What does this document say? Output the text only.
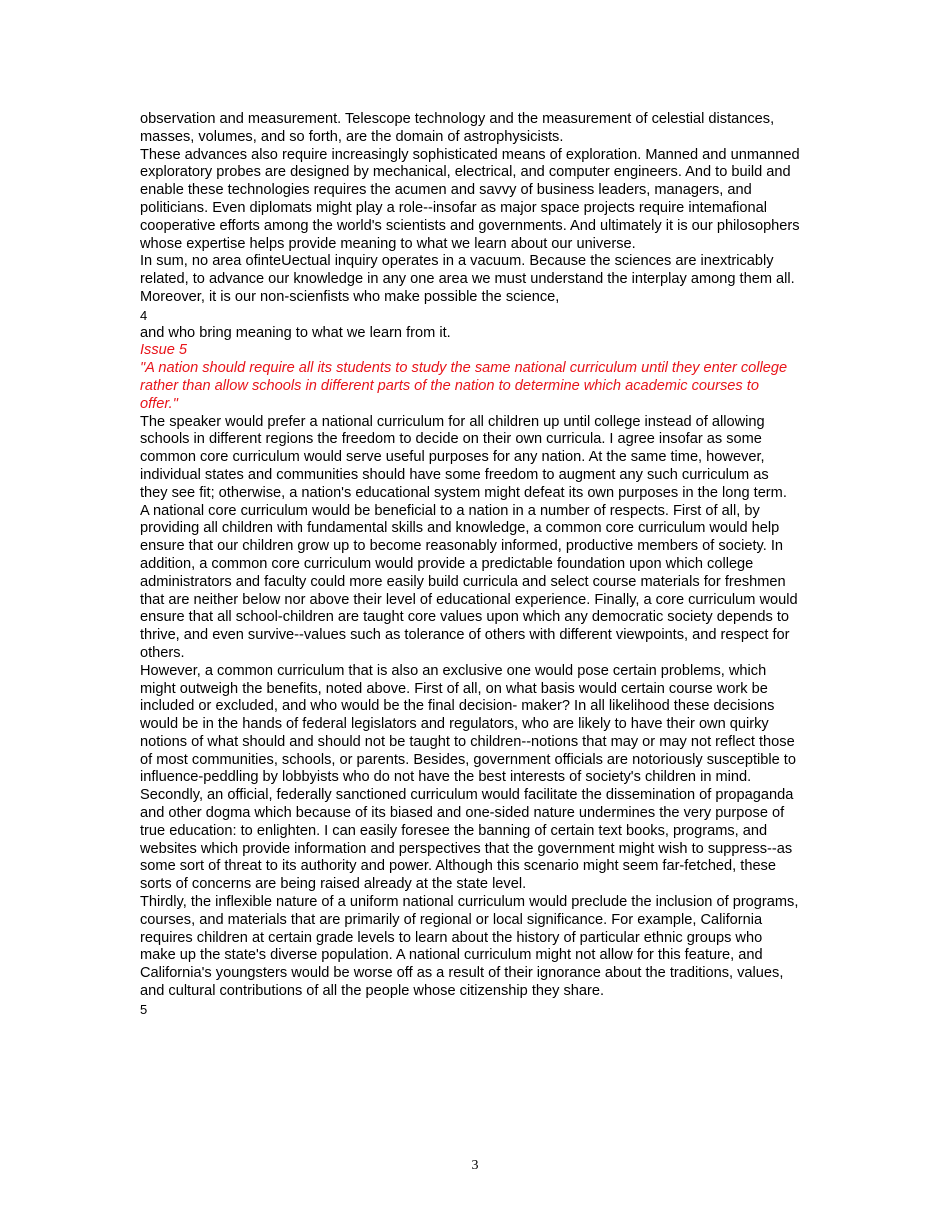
observation and measurement. Telescope technology and the measurement of celestial distances, masses, volumes, and so forth, are the domain of astrophysicists.

These advances also require increasingly sophisticated means of exploration. Manned and unmanned exploratory probes are designed by mechanical, electrical, and computer engineers. And to build and enable these technologies requires the acumen and savvy of business leaders, managers, and politicians. Even diplomats might play a role--insofar as major space projects require intemafional cooperative efforts among the world's scientists and governments. And ultimately it is our philosophers whose expertise helps provide meaning to what we learn about our universe.

In sum, no area ofinteUectual inquiry operates in a vacuum. Because the sciences are inextricably related, to advance our knowledge in any one area we must understand the interplay among them all. Moreover, it is our non-scienfists who make possible the science,

4

and who bring meaning to what we learn from it.

Issue 5

"A nation should require all its students to study the same national curriculum until they enter college rather than allow schools in different parts of the nation to determine which academic courses to offer."

The speaker would prefer a national curriculum for all children up until college instead of allowing schools in different regions the freedom to decide on their own curricula. I agree insofar as some common core curriculum would serve useful purposes for any nation. At the same time, however, individual states and communities should have some freedom to augment any such curriculum as they see fit; otherwise, a nation's educational system might defeat its own purposes in the long term.

A national core curriculum would be beneficial to a nation in a number of respects. First of all, by providing all children with fundamental skills and knowledge, a common core curriculum would help ensure that our children grow up to become reasonably informed, productive members of society. In addition, a common core curriculum would provide a predictable foundation upon which college administrators and faculty could more easily build curricula and select course materials for freshmen that are neither below nor above their level of educational experience. Finally, a core curriculum would ensure that all school-children are taught core values upon which any democratic society depends to thrive, and even survive--values such as tolerance of others with different viewpoints, and respect for others.

However, a common curriculum that is also an exclusive one would pose certain problems, which might outweigh the benefits, noted above. First of all, on what basis would certain course work be included or excluded, and who would be the final decision- maker? In all likelihood these decisions would be in the hands of federal legislators and regulators, who are likely to have their own quirky notions of what should and should not be taught to children--notions that may or may not reflect those of most communities, schools, or parents. Besides, government officials are notoriously susceptible to influence-peddling by lobbyists who do not have the best interests of society's children in mind.

Secondly, an official, federally sanctioned curriculum would facilitate the dissemination of propaganda and other dogma which because of its biased and one-sided nature undermines the very purpose of true education: to enlighten. I can easily foresee the banning of certain text books, programs, and websites which provide information and perspectives that the government might wish to suppress--as some sort of threat to its authority and power. Although this scenario might seem far-fetched, these sorts of concerns are being raised already at the state level.

Thirdly, the inflexible nature of a uniform national curriculum would preclude the inclusion of programs, courses, and materials that are primarily of regional or local significance. For example, California requires children at certain grade levels to learn about the history of particular ethnic groups who make up the state's diverse population. A national curriculum might not allow for this feature, and California's youngsters would be worse off as a result of their ignorance about the traditions, values, and cultural contributions of all the people whose citizenship they share.

5

3
